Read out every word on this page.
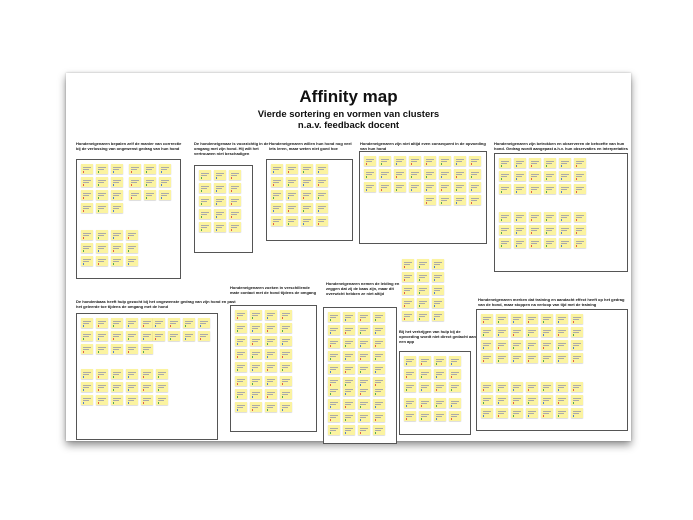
Affinity map
Vierde sortering en vormen van clusters
n.a.v. feedback docent
Hondeneigenaren bepalen zelf de manier van corrrectie bij de verlossing van ongewenst gedrag van hun hond
De hondeneigenaar is voorzichtig in de omgang met zijn hond. Hij wilt het vertrouwen niet beschadigen
Hondeneigenaren willen hun hond nog veel lets leren, maar weten niet goed hoe
Hondeneigenaren zijn niet altijd even consequent in de opvoeding van hun hond
Hondeneigenaren zijn betrokken en observeren de behoefte van hun hond. Gedrag wordt aangepast a.h.v. hun observaties en interpretaties
De hondenbaas heeft hulp gezocht bij het ongewenste gedrag van zijn hond en past het geleerde toe tijdens de omgang met de hond
Hondeneigenaren zoeken in verschillende mate contact met de hond tijdens de omgang
Hondeneigenaren nemen de leiding en zeggen dat zij de baas zijn, maar dit overwicht hebben ze niet altijd
Bij het verkrijgen van hulp bij de opvoeding wordt niet direct gedacht aan een app
Hondeneigenaren merken dat training en aandacht effect heeft op het gedrag van de hond, maar stoppen na verloop van tijd met de training
